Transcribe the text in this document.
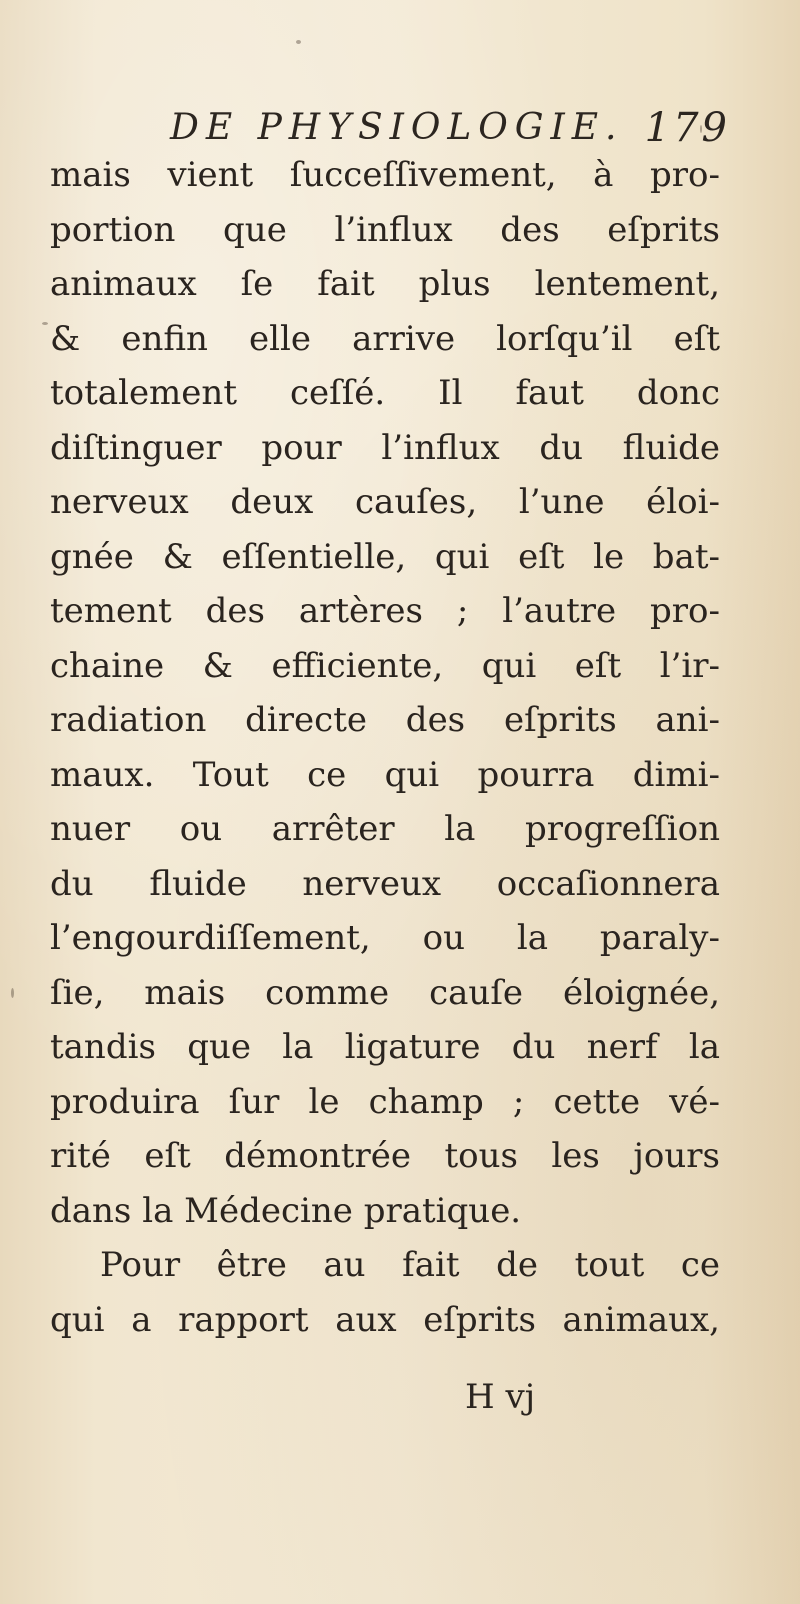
DE PHYSIOLOGIE. 179
mais vient ſucceſſivement, à pro-
portion que l’influx des eſprits
animaux ſe fait plus lentement,
& enfin elle arrive lorſqu’il eſt
totalement ceſſé. Il faut donc
diſtinguer pour l’influx du fluide
nerveux deux cauſes, l’une éloi-
gnée & eſſentielle, qui eſt le bat-
tement des artères ; l’autre pro-
chaine & efficiente, qui eſt l’ir-
radiation directe des eſprits ani-
maux. Tout ce qui pourra dimi-
nuer ou arrêter la progreſſion
du fluide nerveux occaſionnera
l’engourdiſſement, ou la paraly-
ſie, mais comme cauſe éloignée,
tandis que la ligature du nerf la
produira ſur le champ ; cette vé-
rité eſt démontrée tous les jours
dans la Médecine pratique.
Pour être au fait de tout ce
qui a rapport aux eſprits animaux,
H vj
